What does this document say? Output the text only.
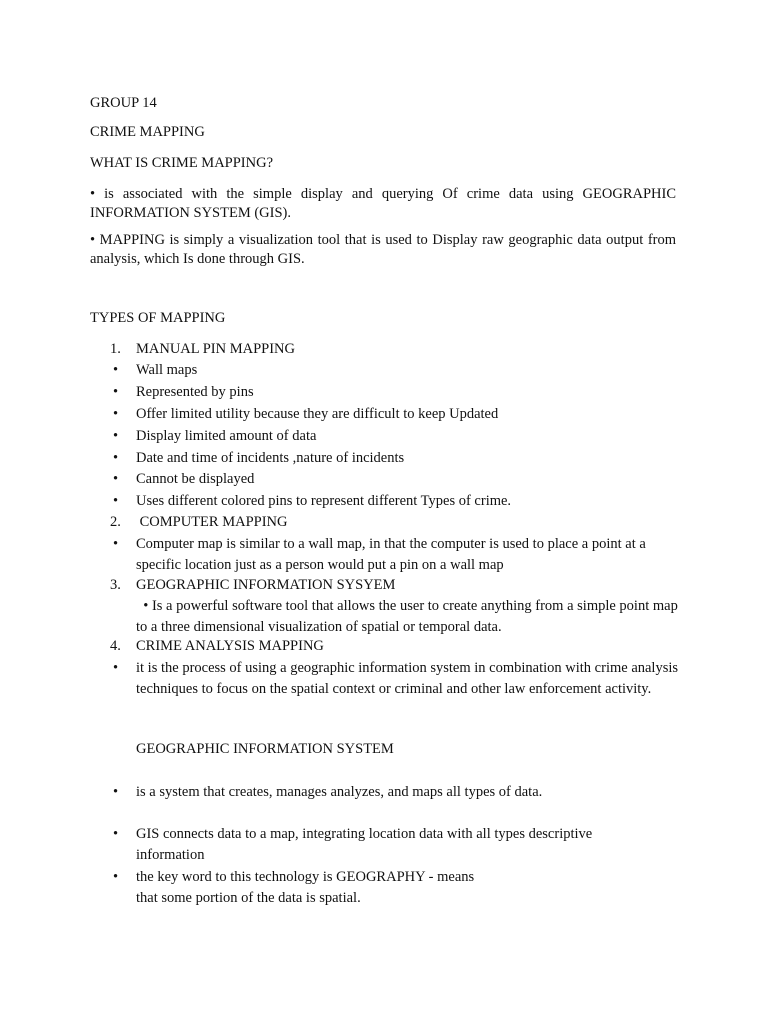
GROUP 14
CRIME MAPPING
WHAT IS CRIME MAPPING?
• is associated with the simple display and querying Of crime data using GEOGRAPHIC INFORMATION SYSTEM (GIS).
• MAPPING is simply a visualization tool that is used to Display raw geographic data output from analysis, which Is done through GIS.
TYPES OF MAPPING
1.	MANUAL PIN MAPPING
• Wall maps
• Represented by pins
• Offer limited utility because they are difficult to keep Updated
• Display limited amount of data
• Date and time of incidents ,nature of incidents
• Cannot be displayed
• Uses different colored pins to represent different Types of crime.
2.	COMPUTER MAPPING
• Computer map is similar to a wall map, in that the computer is used to place a point at a specific location just as a person would put a pin on a wall map
3.	GEOGRAPHIC INFORMATION SYSYEM
• Is a powerful software tool that allows the user to create anything from a simple point map to a three dimensional visualization of spatial or temporal data.
4.	CRIME ANALYSIS MAPPING
• it is the process of using a geographic information system in combination with crime analysis techniques to focus on the spatial context or criminal and other law enforcement activity.
GEOGRAPHIC INFORMATION SYSTEM
• is a system that creates, manages analyzes, and maps all types of data.
• GIS connects data to a map, integrating location data with all types descriptive information
• the key word to this technology is GEOGRAPHY - means
that some portion of the data is spatial.
